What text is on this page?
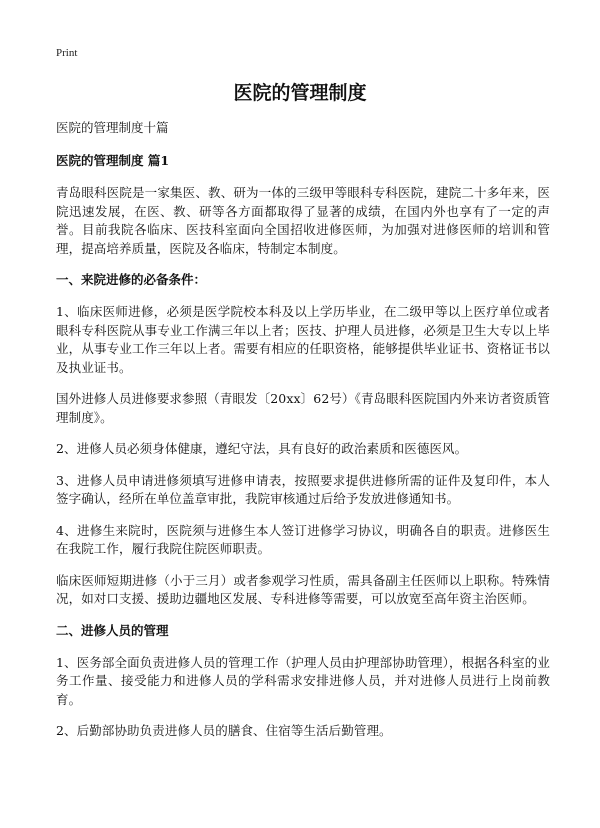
Print
医院的管理制度

医院的管理制度十篇

医院的管理制度 篇1

青岛眼科医院是一家集医、教、研为一体的三级甲等眼科专科医院，建院二十多年来，医院迅速发展，在医、教、研等各方面都取得了显著的成绩，在国内外也享有了一定的声誉。目前我院各临床、医技科室面向全国招收进修医师，为加强对进修医师的培训和管理，提高培养质量，医院及各临床，特制定本制度。

一、来院进修的必备条件：

1、临床医师进修，必须是医学院校本科及以上学历毕业，在二级甲等以上医疗单位或者眼科专科医院从事专业工作满三年以上者；医技、护理人员进修，必须是卫生大专以上毕业，从事专业工作三年以上者。需要有相应的任职资格，能够提供毕业证书、资格证书以及执业证书。

国外进修人员进修要求参照（青眼发〔20xx〕62号）《青岛眼科医院国内外来访者资质管理制度》。

2、进修人员必须身体健康，遵纪守法，具有良好的政治素质和医德医风。

3、进修人员申请进修须填写进修申请表，按照要求提供进修所需的证件及复印件，本人签字确认，经所在单位盖章审批，我院审核通过后给予发放进修通知书。

4、进修生来院时，医院须与进修生本人签订进修学习协议，明确各自的职责。进修医生在我院工作，履行我院住院医师职责。

临床医师短期进修（小于三月）或者参观学习性质，需具备副主任医师以上职称。特殊情况，如对口支援、援助边疆地区发展、专科进修等需要，可以放宽至高年资主治医师。

二、进修人员的管理

1、医务部全面负责进修人员的管理工作（护理人员由护理部协助管理），根据各科室的业务工作量、接受能力和进修人员的学科需求安排进修人员，并对进修人员进行上岗前教育。

2、后勤部协助负责进修人员的膳食、住宿等生活后勤管理。
